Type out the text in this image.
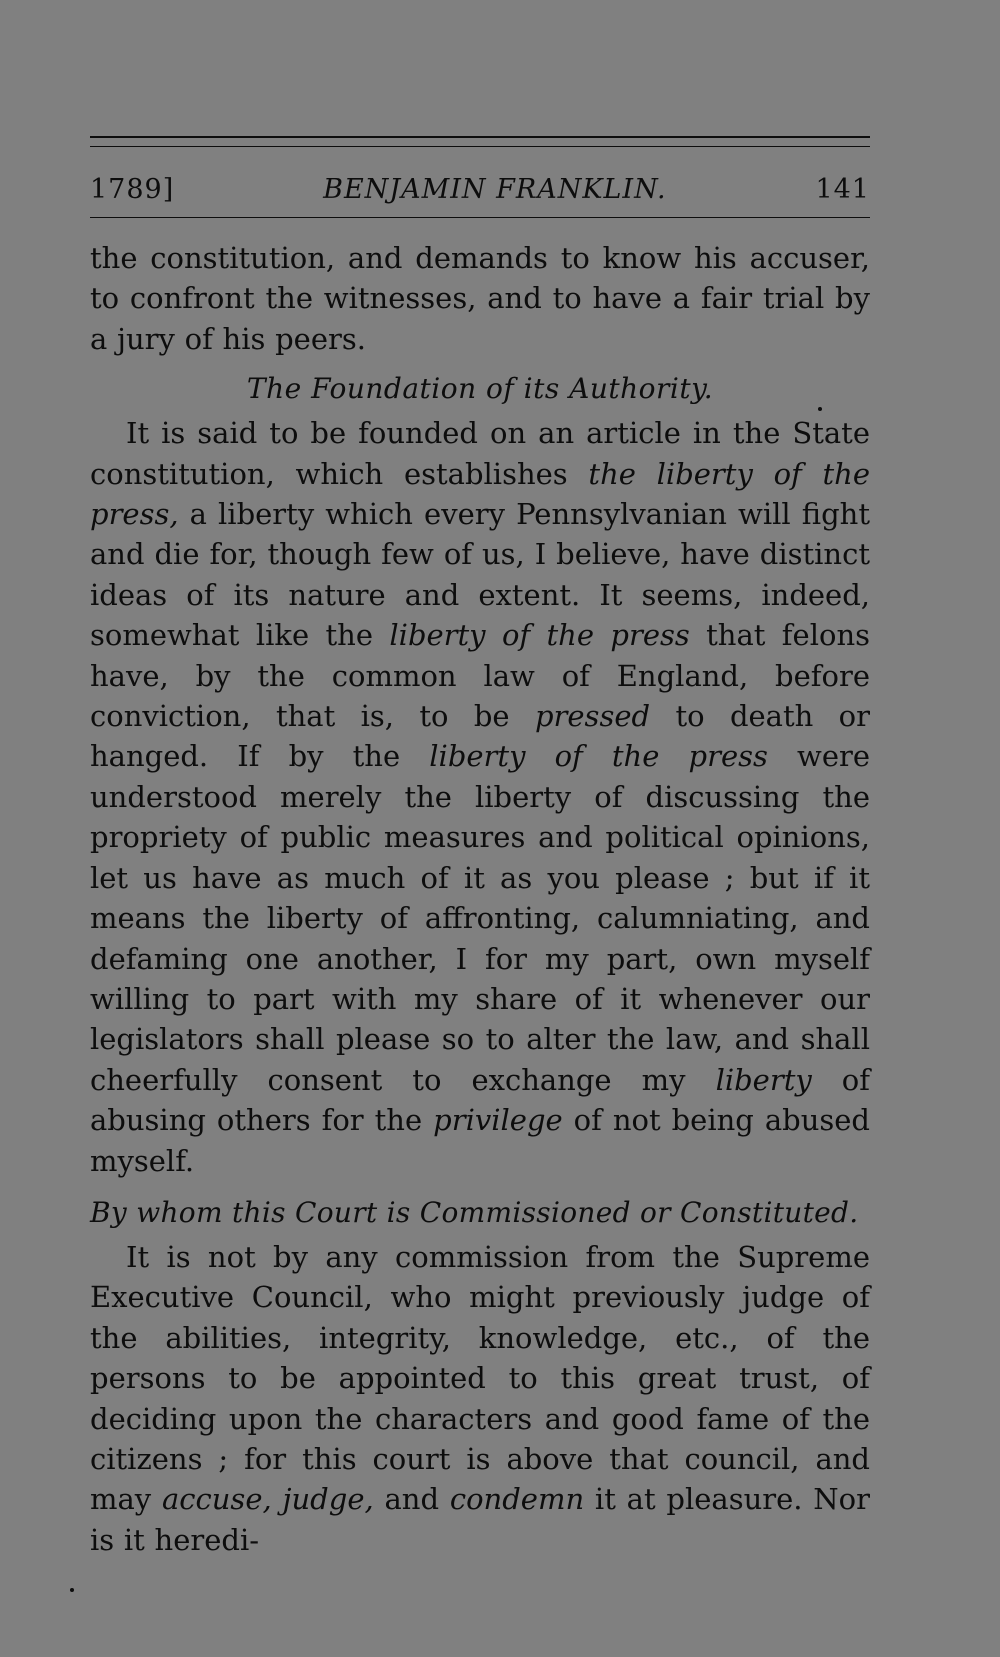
1789]	BENJAMIN FRANKLIN.	141

the constitution, and demands to know his accuser, to confront the witnesses, and to have a fair trial by a jury of his peers.

The Foundation of its Authority.

It is said to be founded on an article in the State constitution, which establishes the liberty of the press, a liberty which every Pennsylvanian will fight and die for, though few of us, I believe, have distinct ideas of its nature and extent. It seems, indeed, somewhat like the liberty of the press that felons have, by the common law of England, before conviction, that is, to be pressed to death or hanged. If by the liberty of the press were understood merely the liberty of discussing the propriety of public measures and political opinions, let us have as much of it as you please ; but if it means the liberty of affronting, calumniating, and defaming one another, I for my part, own myself willing to part with my share of it whenever our legislators shall please so to alter the law, and shall cheerfully consent to exchange my liberty of abusing others for the privilege of not being abused myself.

By whom this Court is Commissioned or Constituted.

It is not by any commission from the Supreme Executive Council, who might previously judge of the abilities, integrity, knowledge, etc., of the persons to be appointed to this great trust, of deciding upon the characters and good fame of the citizens ; for this court is above that council, and may accuse, judge, and condemn it at pleasure. Nor is it heredi-
